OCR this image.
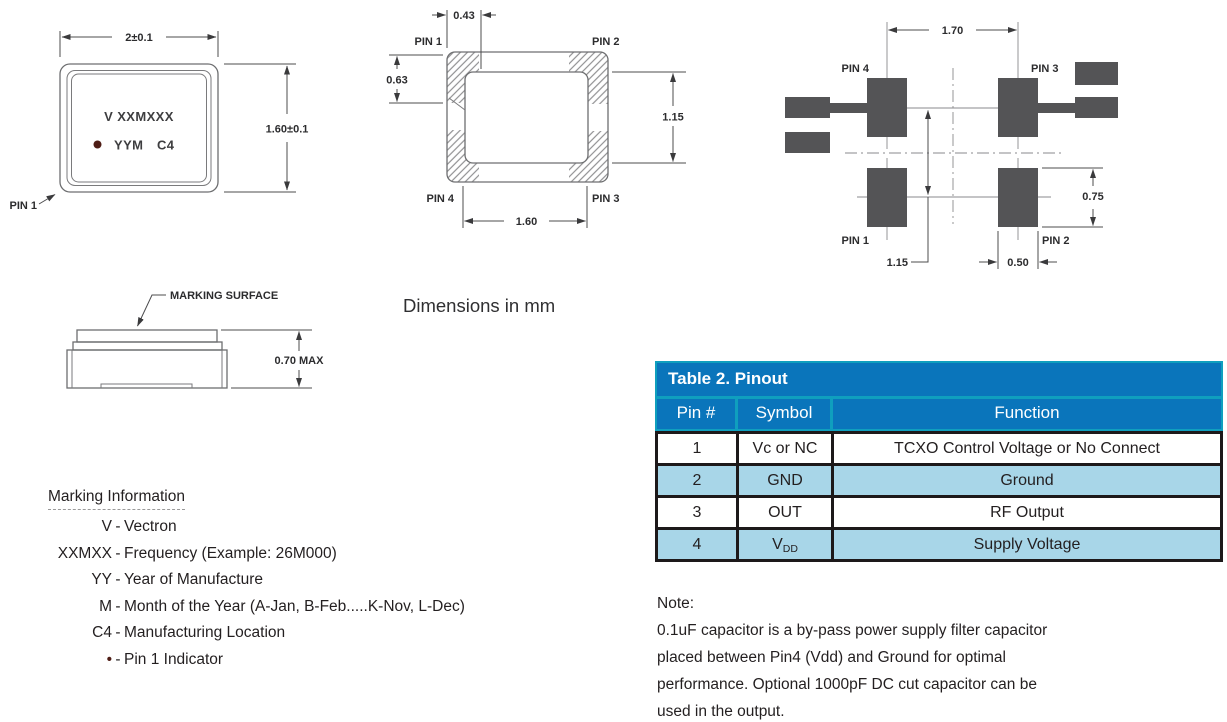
V XXMXXX
YYM C4
2±0.1
1.60±0.1
PIN 1
0.43
0.63
1.15
1.60
PIN 1	PIN 2
PIN 4	PIN 3
1.70
0.75
1.15	0.50
PIN 4	PIN 3
PIN 1	PIN 2
MARKING SURFACE
0.70 MAX
Dimensions in mm
Table 2. Pinout
Pin #	Symbol	Function
1	Vc or NC	TCXO Control Voltage or No Connect
2	GND	Ground
3	OUT	RF Output
4	V DD	Supply Voltage
Marking Information
V - Vectron
XXMXX - Frequency (Example: 26M000)
YY - Year of Manufacture
M - Month of the Year (A-Jan, B-Feb.....K-Nov, L-Dec)
C4 - Manufacturing Location
• - Pin 1 Indicator
Note:
0.1uF capacitor is a by-pass power supply filter capacitor
placed between Pin4 (Vdd) and Ground for optimal
performance. Optional 1000pF DC cut capacitor can be
used in the output.
